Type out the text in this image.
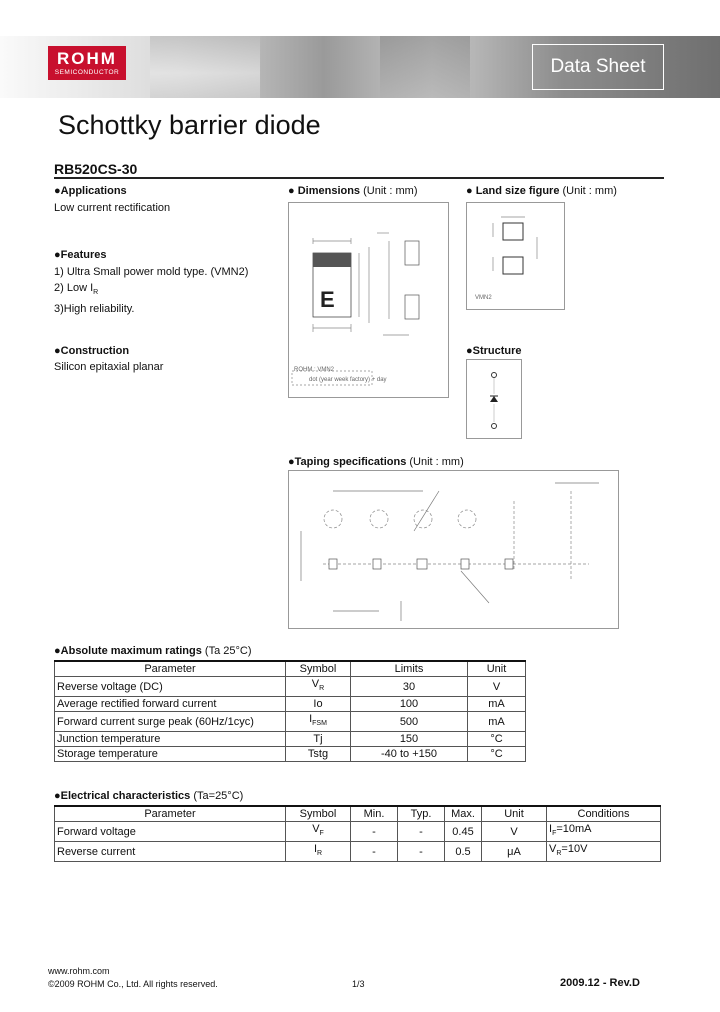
ROHM
SEMICONDUCTOR	Data Sheet
Schottky barrier diode
RB520CS-30
●Applications
Low current rectification
●Features
1) Ultra Small power mold type. (VMN2)
2) Low $I_R$
3)High reliability.
●Construction
Silicon epitaxial planar
● Dimensions (Unit : mm)
E
ROHM : VMN2
dot (year week factory) + day
● Land size figure (Unit : mm)
VMN2
●Structure
●Taping specifications (Unit : mm)
●Absolute maximum ratings (Ta 25°C)
Parameter	Symbol	Limits	Unit
Reverse voltage (DC)	$V_R$	30	V
Average rectified forward current	Io	100	mA
Forward current surge peak (60Hz/1cyc)	$I_{FSM}$	500	mA
Junction temperature	Tj	150	°C
Storage temperature	Tstg	-40 to +150	°C
●Electrical characteristics (Ta=25°C)
Parameter	Symbol	Min.	Typ.	Max.	Unit	Conditions
Forward voltage	$V_F$	-	-	0.45	V	$I_F=10mA$
Reverse current	$I_R$	-	-	0.5	μA	$V_R=10V$
www.rohm.com
©2009 ROHM Co., Ltd. All rights reserved.	1/3	2009.12 - Rev.D
